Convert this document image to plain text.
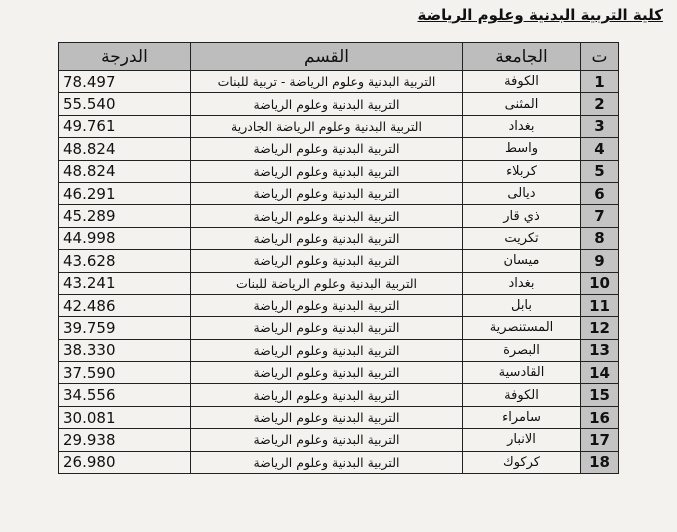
كلية التربية البدنية وعلوم الرياضة
ت	الجامعة	القسم	الدرجة
1	الكوفة	التربية البدنية وعلوم الرياضة - تربية للبنات	78.497
2	المثنى	التربية البدنية وعلوم الرياضة	55.540
3	بغداد	التربية البدنية وعلوم الرياضة الجادرية	49.761
4	واسط	التربية البدنية وعلوم الرياضة	48.824
5	كربلاء	التربية البدنية وعلوم الرياضة	48.824
6	ديالى	التربية البدنية وعلوم الرياضة	46.291
7	ذي قار	التربية البدنية وعلوم الرياضة	45.289
8	تكريت	التربية البدنية وعلوم الرياضة	44.998
9	ميسان	التربية البدنية وعلوم الرياضة	43.628
10	بغداد	التربية البدنية وعلوم الرياضة للبنات	43.241
11	بابل	التربية البدنية وعلوم الرياضة	42.486
12	المستنصرية	التربية البدنية وعلوم الرياضة	39.759
13	البصرة	التربية البدنية وعلوم الرياضة	38.330
14	القادسية	التربية البدنية وعلوم الرياضة	37.590
15	الكوفة	التربية البدنية وعلوم الرياضة	34.556
16	سامراء	التربية البدنية وعلوم الرياضة	30.081
17	الانبار	التربية البدنية وعلوم الرياضة	29.938
18	كركوك	التربية البدنية وعلوم الرياضة	26.980
